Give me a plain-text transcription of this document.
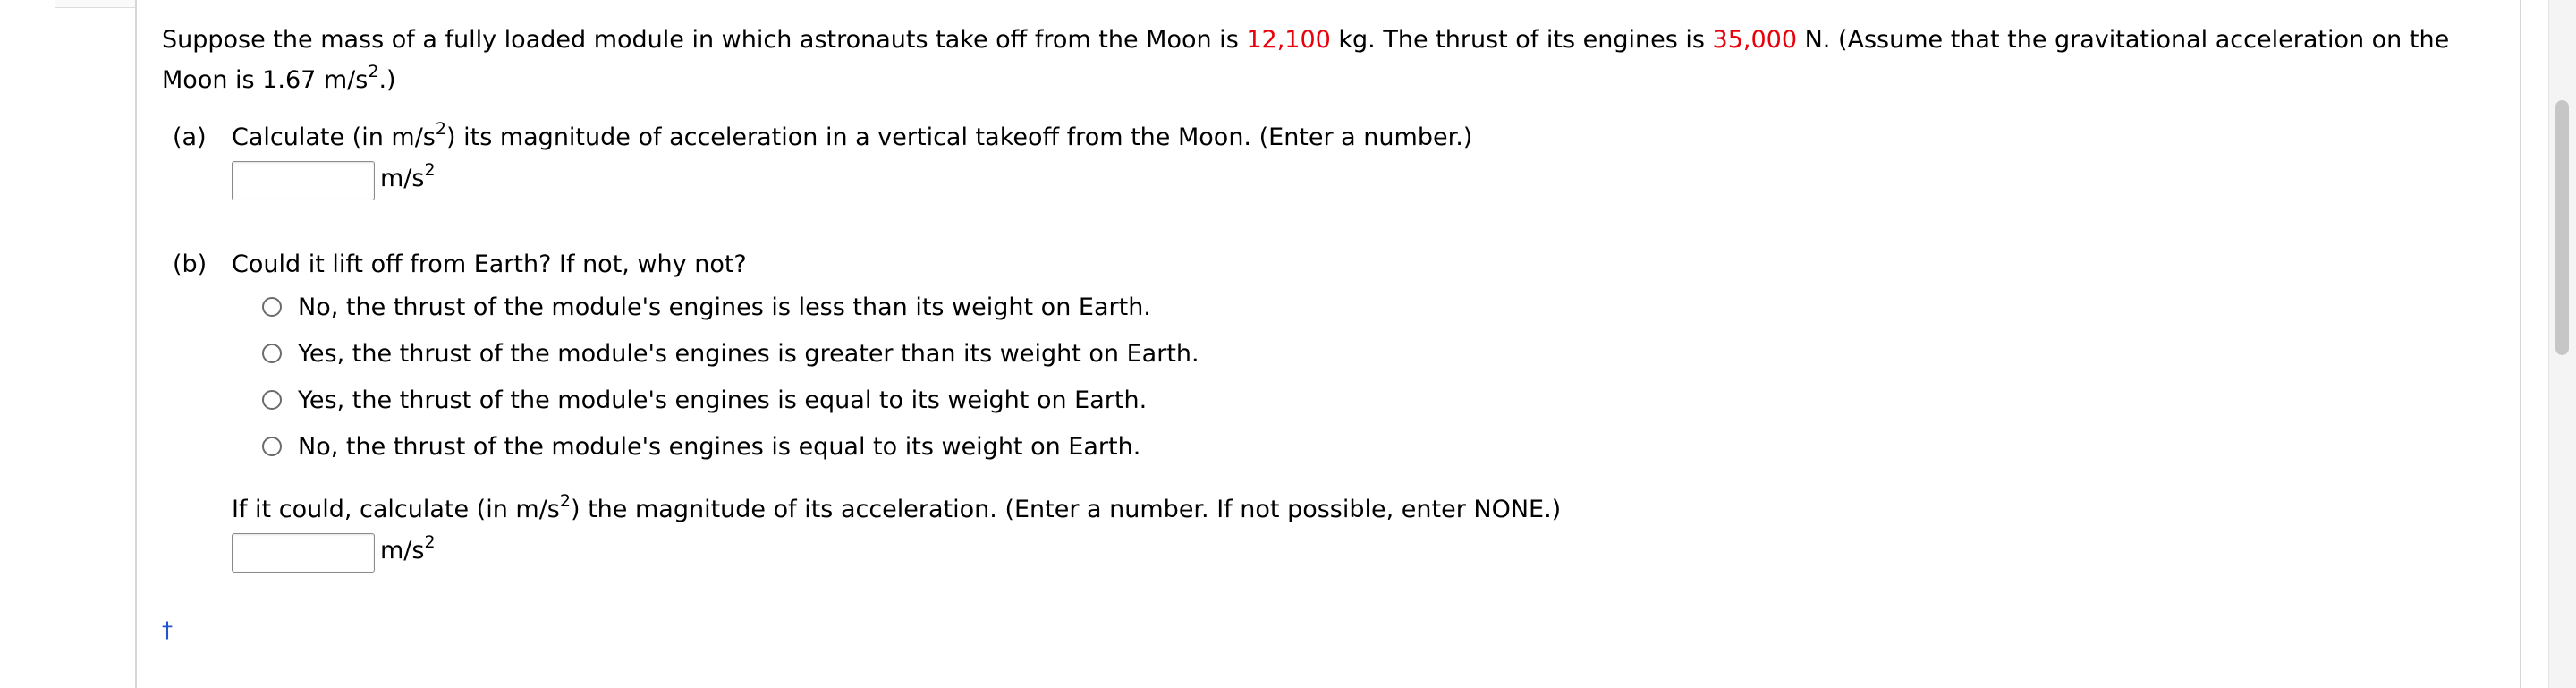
Suppose the mass of a fully loaded module in which astronauts take off from the Moon is 12,100 kg. The thrust of its engines is 35,000 N. (Assume that the gravitational acceleration on the Moon is 1.67 $m/s^2$.)
(a) Calculate (in $m/s^2$) its magnitude of acceleration in a vertical takeoff from the Moon. (Enter a number.)
$m/s^2$
(b) Could it lift off from Earth? If not, why not?
No, the thrust of the module's engines is less than its weight on Earth.
Yes, the thrust of the module's engines is greater than its weight on Earth.
Yes, the thrust of the module's engines is equal to its weight on Earth.
No, the thrust of the module's engines is equal to its weight on Earth.
If it could, calculate (in $m/s^2$) the magnitude of its acceleration. (Enter a number. If not possible, enter NONE.)
$m/s^2$
†
